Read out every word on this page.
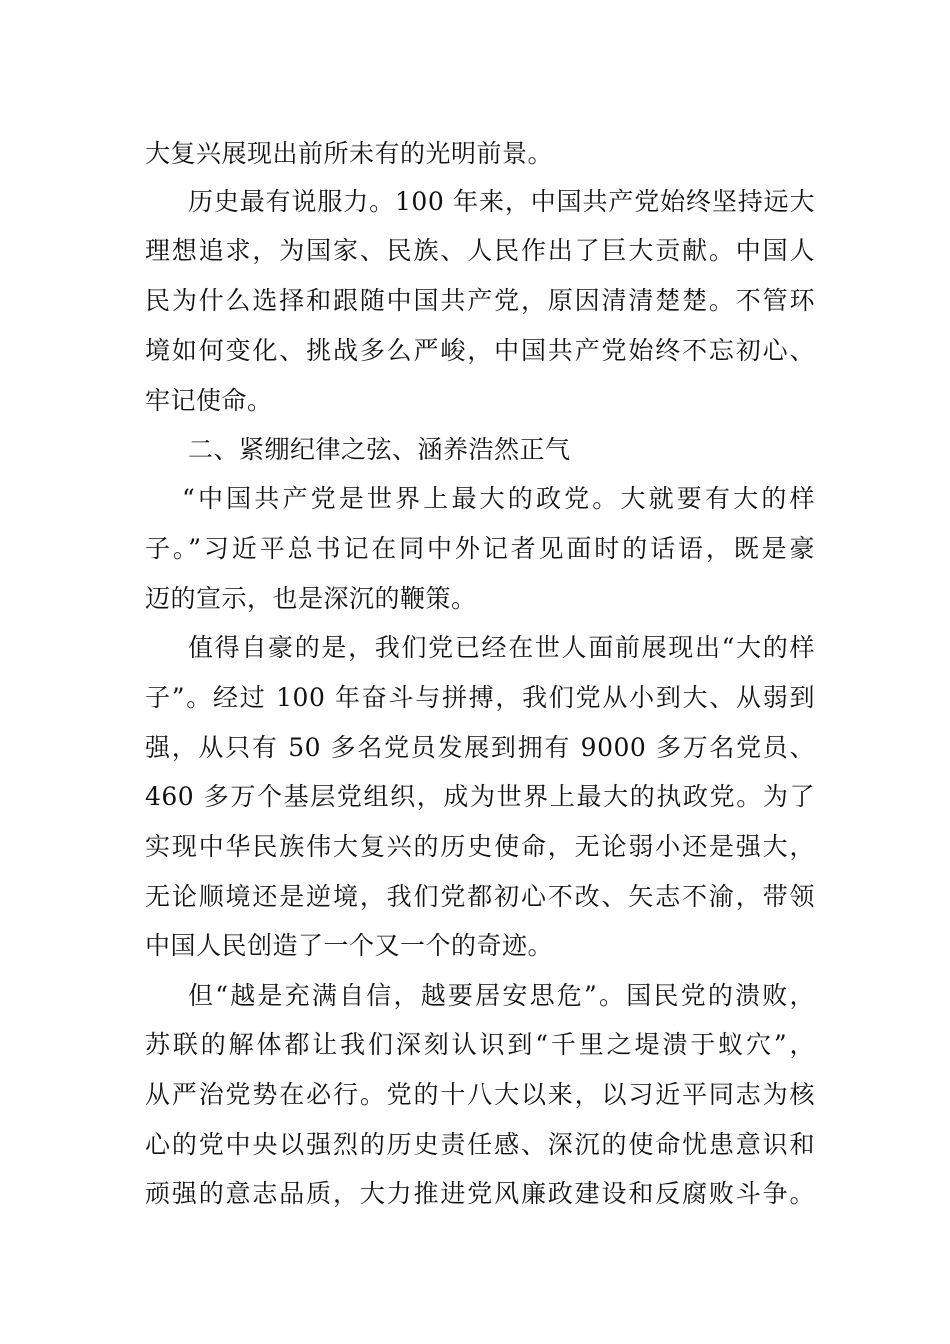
大复兴展现出前所未有的光明前景。
历史最有说服力。100 年来，中国共产党始终坚持远大
理想追求，为国家、民族、人民作出了巨大贡献。中国人
民为什么选择和跟随中国共产党，原因清清楚楚。不管环
境如何变化、挑战多么严峻，中国共产党始终不忘初心、
牢记使命。
二、紧绷纪律之弦、涵养浩然正气
“中国共产党是世界上最大的政党。大就要有大的样
子。”习近平总书记在同中外记者见面时的话语，既是豪
迈的宣示，也是深沉的鞭策。
值得自豪的是，我们党已经在世人面前展现出“大的样
子”。经过 100 年奋斗与拼搏，我们党从小到大、从弱到
强，从只有 50 多名党员发展到拥有 9000 多万名党员、
460 多万个基层党组织，成为世界上最大的执政党。为了
实现中华民族伟大复兴的历史使命，无论弱小还是强大，
无论顺境还是逆境，我们党都初心不改、矢志不渝，带领
中国人民创造了一个又一个的奇迹。
但“越是充满自信，越要居安思危”。国民党的溃败，
苏联的解体都让我们深刻认识到“千里之堤溃于蚁穴”，
从严治党势在必行。党的十八大以来，以习近平同志为核
心的党中央以强烈的历史责任感、深沉的使命忧患意识和
顽强的意志品质，大力推进党风廉政建设和反腐败斗争。
